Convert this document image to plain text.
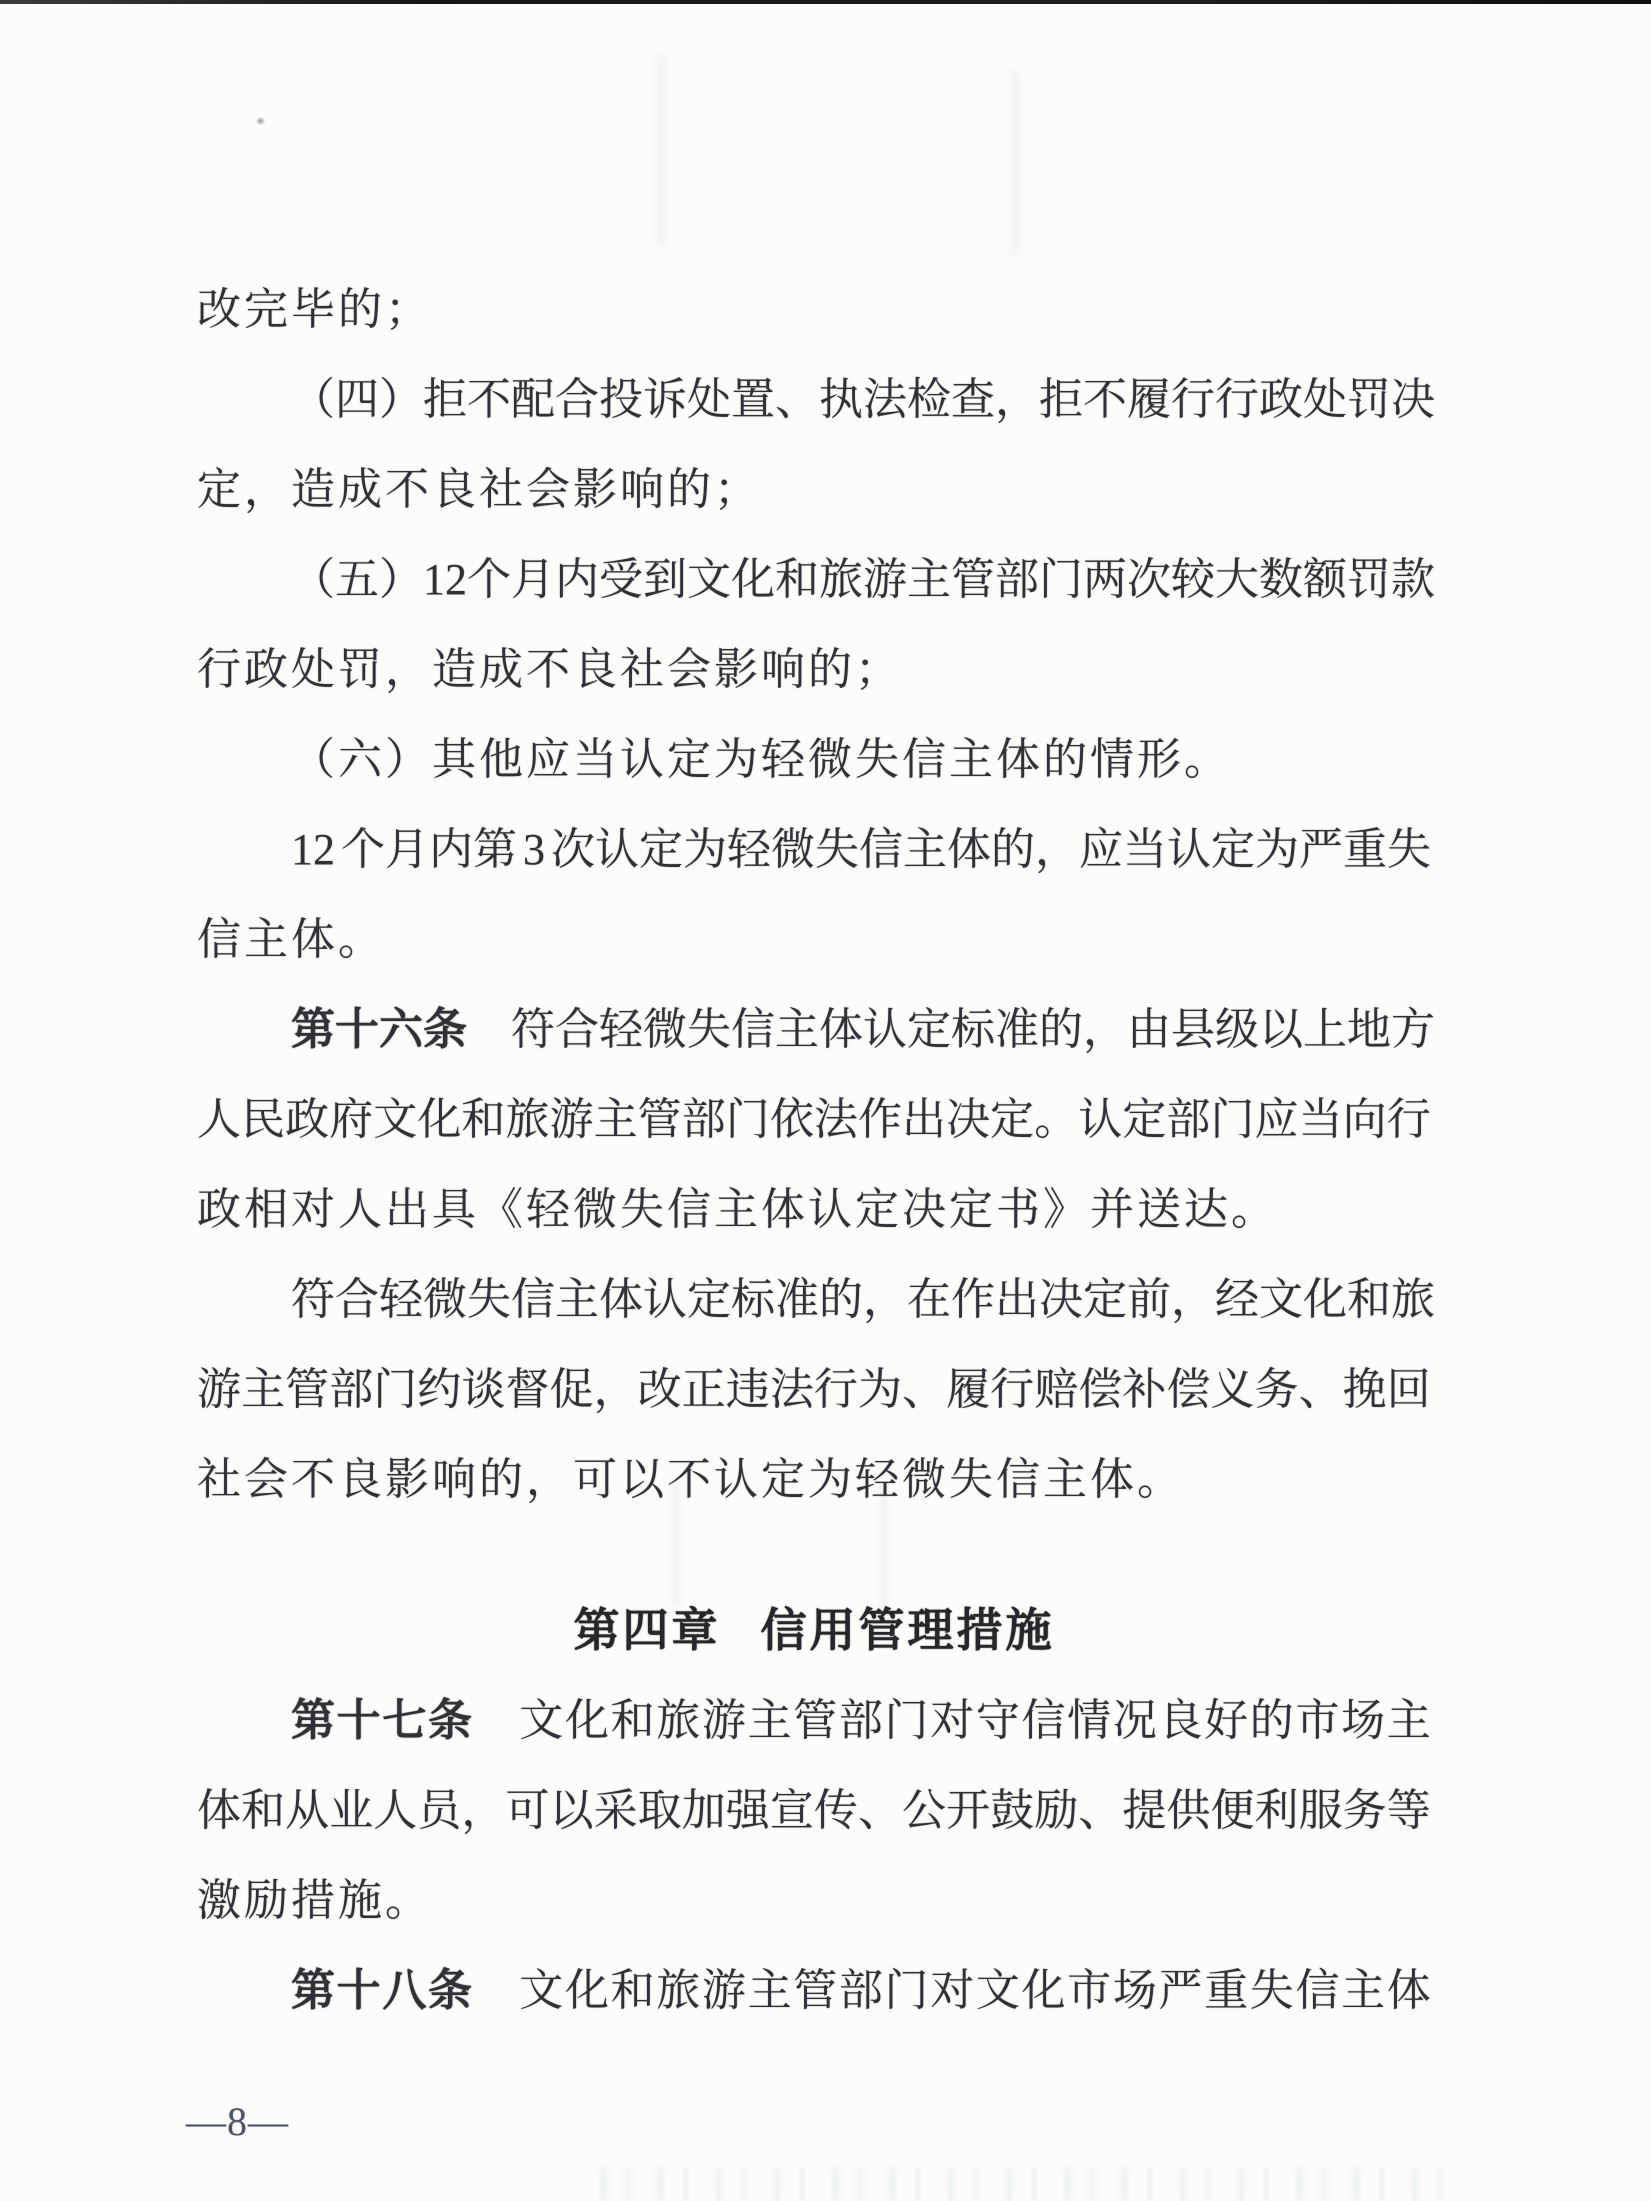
改 完 毕 的 ；
（ 四 ） 拒 不 配 合 投 诉 处 置 、 执 法 检 查 ， 拒 不 履 行 行 政 处 罚 决
定 ， 造 成 不 良 社 会 影 响 的 ；
（ 五 ） 1 2 个 月 内 受 到 文 化 和 旅 游 主 管 部 门 两 次 较 大 数 额 罚 款
行 政 处 罚 ， 造 成 不 良 社 会 影 响 的 ；
（ 六 ） 其 他 应 当 认 定 为 轻 微 失 信 主 体 的 情 形 。
1 2 个 月 内 第 3 次 认 定 为 轻 微 失 信 主 体 的 ， 应 当 认 定 为 严 重 失
信 主 体 。
第 十 六 条 符 合 轻 微 失 信 主 体 认 定 标 准 的 ， 由 县 级 以 上 地 方
人 民 政 府 文 化 和 旅 游 主 管 部 门 依 法 作 出 决 定 。 认 定 部 门 应 当 向 行
政 相 对 人 出 具 《 轻 微 失 信 主 体 认 定 决 定 书 》 并 送 达 。
符 合 轻 微 失 信 主 体 认 定 标 准 的 ， 在 作 出 决 定 前 ， 经 文 化 和 旅
游 主 管 部 门 约 谈 督 促 ， 改 正 违 法 行 为 、 履 行 赔 偿 补 偿 义 务 、 挽 回
社 会 不 良 影 响 的 ， 可 以 不 认 定 为 轻 微 失 信 主 体 。
第 四 章 信 用 管 理 措 施
第 十 七 条 文 化 和 旅 游 主 管 部 门 对 守 信 情 况 良 好 的 市 场 主
体 和 从 业 人 员 ， 可 以 采 取 加 强 宣 传 、 公 开 鼓 励 、 提 供 便 利 服 务 等
激 励 措 施 。
第 十 八 条 文 化 和 旅 游 主 管 部 门 对 文 化 市 场 严 重 失 信 主 体
—8—
